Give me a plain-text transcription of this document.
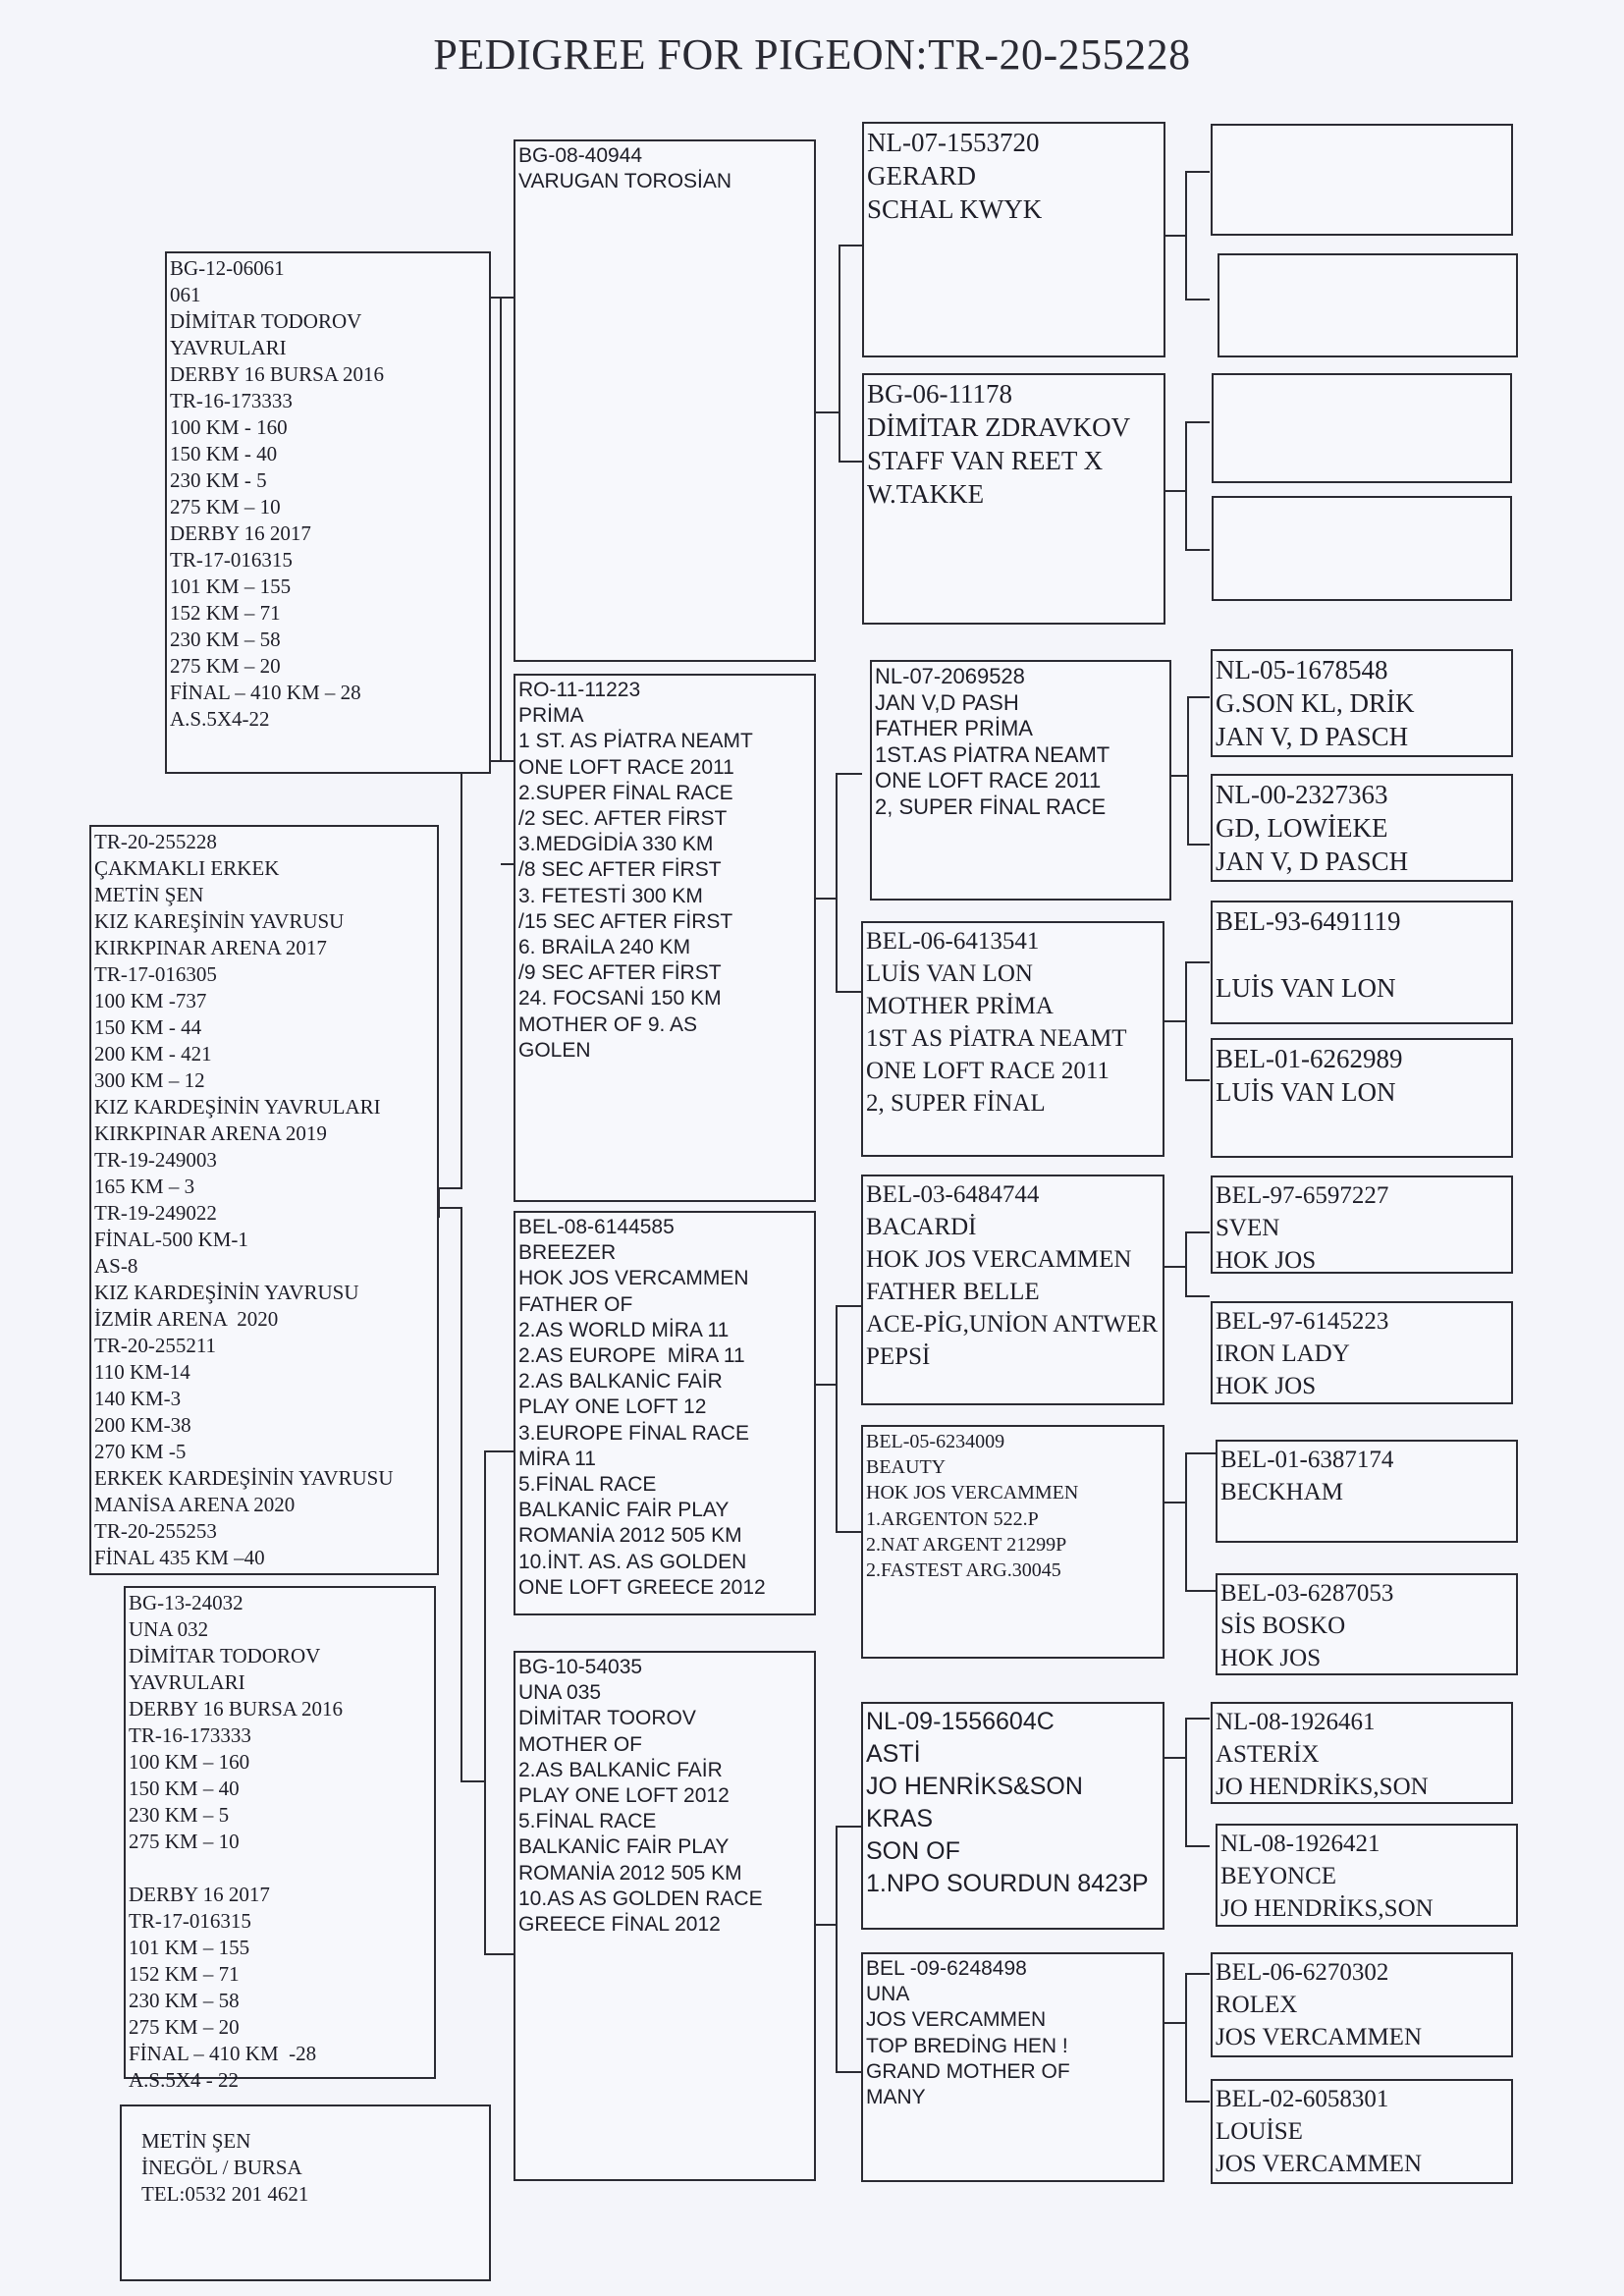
PEDIGREE FOR PIGEON:TR-20-255228
TR-20-255228
ÇAKMAKLI ERKEK
METİN ŞEN
KIZ KAREŞİNİN YAVRUSU
KIRKPINAR ARENA 2017
TR-17-016305
100 KM -737
150 KM - 44
200 KM - 421
300 KM – 12
KIZ KARDEŞİNİN YAVRULARI
KIRKPINAR ARENA 2019
TR-19-249003
165 KM – 3
TR-19-249022
FİNAL-500 KM-1
AS-8
KIZ KARDEŞİNİN YAVRUSU
İZMİR ARENA  2020
TR-20-255211
110 KM-14
140 KM-3
200 KM-38
270 KM -5
ERKEK KARDEŞİNİN YAVRUSU
MANİSA ARENA 2020
TR-20-255253
FİNAL 435 KM –40
BG-12-06061
061
DİMİTAR TODOROV
YAVRULARI
DERBY 16 BURSA 2016
TR-16-173333
100 KM - 160
150 KM - 40
230 KM - 5
275 KM – 10
DERBY 16 2017
TR-17-016315
101 KM – 155
152 KM – 71
230 KM – 58
275 KM – 20
FİNAL – 410 KM – 28
A.S.5X4-22
BG-13-24032
UNA 032
DİMİTAR TODOROV
YAVRULARI
DERBY 16 BURSA 2016
TR-16-173333
100 KM – 160
150 KM – 40
230 KM – 5
275 KM – 10

DERBY 16 2017
TR-17-016315
101 KM – 155
152 KM – 71
230 KM – 58
275 KM – 20
FİNAL – 410 KM  -28
A.S.5X4 - 22
METİN ŞEN
İNEGÖL / BURSA
TEL:0532 201 4621
BG-08-40944
VARUGAN TOROSİAN
RO-11-11223
PRİMA
1 ST. AS PİATRA NEAMT
ONE LOFT RACE 2011
2.SUPER FİNAL RACE
/2 SEC. AFTER FİRST
3.MEDGİDİA 330 KM
/8 SEC AFTER FİRST
3. FETESTİ 300 KM
/15 SEC AFTER FİRST
6. BRAİLA 240 KM
/9 SEC AFTER FİRST
24. FOCSANİ 150 KM
MOTHER OF 9. AS
GOLEN
BEL-08-6144585
BREEZER
HOK JOS VERCAMMEN
FATHER OF
2.AS WORLD MİRA 11
2.AS EUROPE  MİRA 11
2.AS BALKANİC FAİR
PLAY ONE LOFT 12
3.EUROPE FİNAL RACE
MİRA 11
5.FİNAL RACE
BALKANİC FAİR PLAY
ROMANİA 2012 505 KM
10.İNT. AS. AS GOLDEN
ONE LOFT GREECE 2012
BG-10-54035
UNA 035
DİMİTAR TOOROV
MOTHER OF
2.AS BALKANİC FAİR
PLAY ONE LOFT 2012
5.FİNAL RACE
BALKANİC FAİR PLAY
ROMANİA 2012 505 KM
10.AS AS GOLDEN RACE
GREECE FİNAL 2012
NL-07-1553720
GERARD
SCHAL KWYK
BG-06-11178
DİMİTAR ZDRAVKOV
STAFF VAN REET X
W.TAKKE
NL-07-2069528
JAN V,D PASH
FATHER PRİMA
1ST.AS PİATRA NEAMT
ONE LOFT RACE 2011
2, SUPER FİNAL RACE
BEL-06-6413541
LUİS VAN LON
MOTHER PRİMA
1ST AS PİATRA NEAMT
ONE LOFT RACE 2011
2, SUPER FİNAL
BEL-03-6484744
BACARDİ
HOK JOS VERCAMMEN
FATHER BELLE
ACE-PİG,UNİON ANTWER
PEPSİ
BEL-05-6234009
BEAUTY
HOK JOS VERCAMMEN
1.ARGENTON 522.P
2.NAT ARGENT 21299P
2.FASTEST ARG.30045
NL-09-1556604C
ASTİ
JO HENRİKS&SON
KRAS
SON OF
1.NPO SOURDUN 8423P
BEL -09-6248498
UNA
JOS VERCAMMEN
TOP BREDİNG HEN !
GRAND MOTHER OF
MANY
NL-05-1678548
G.SON KL, DRİK
JAN V, D PASCH
NL-00-2327363
GD, LOWİEKE
JAN V, D PASCH
BEL-93-6491119

LUİS VAN LON
BEL-01-6262989
LUİS VAN LON
BEL-97-6597227
SVEN
HOK JOS
BEL-97-6145223
IRON LADY
HOK JOS
BEL-01-6387174
BECKHAM
BEL-03-6287053
SİS BOSKO
HOK JOS
NL-08-1926461
ASTERİX
JO HENDRİKS,SON
NL-08-1926421
BEYONCE
JO HENDRİKS,SON
BEL-06-6270302
ROLEX
JOS VERCAMMEN
BEL-02-6058301
LOUİSE
JOS VERCAMMEN
